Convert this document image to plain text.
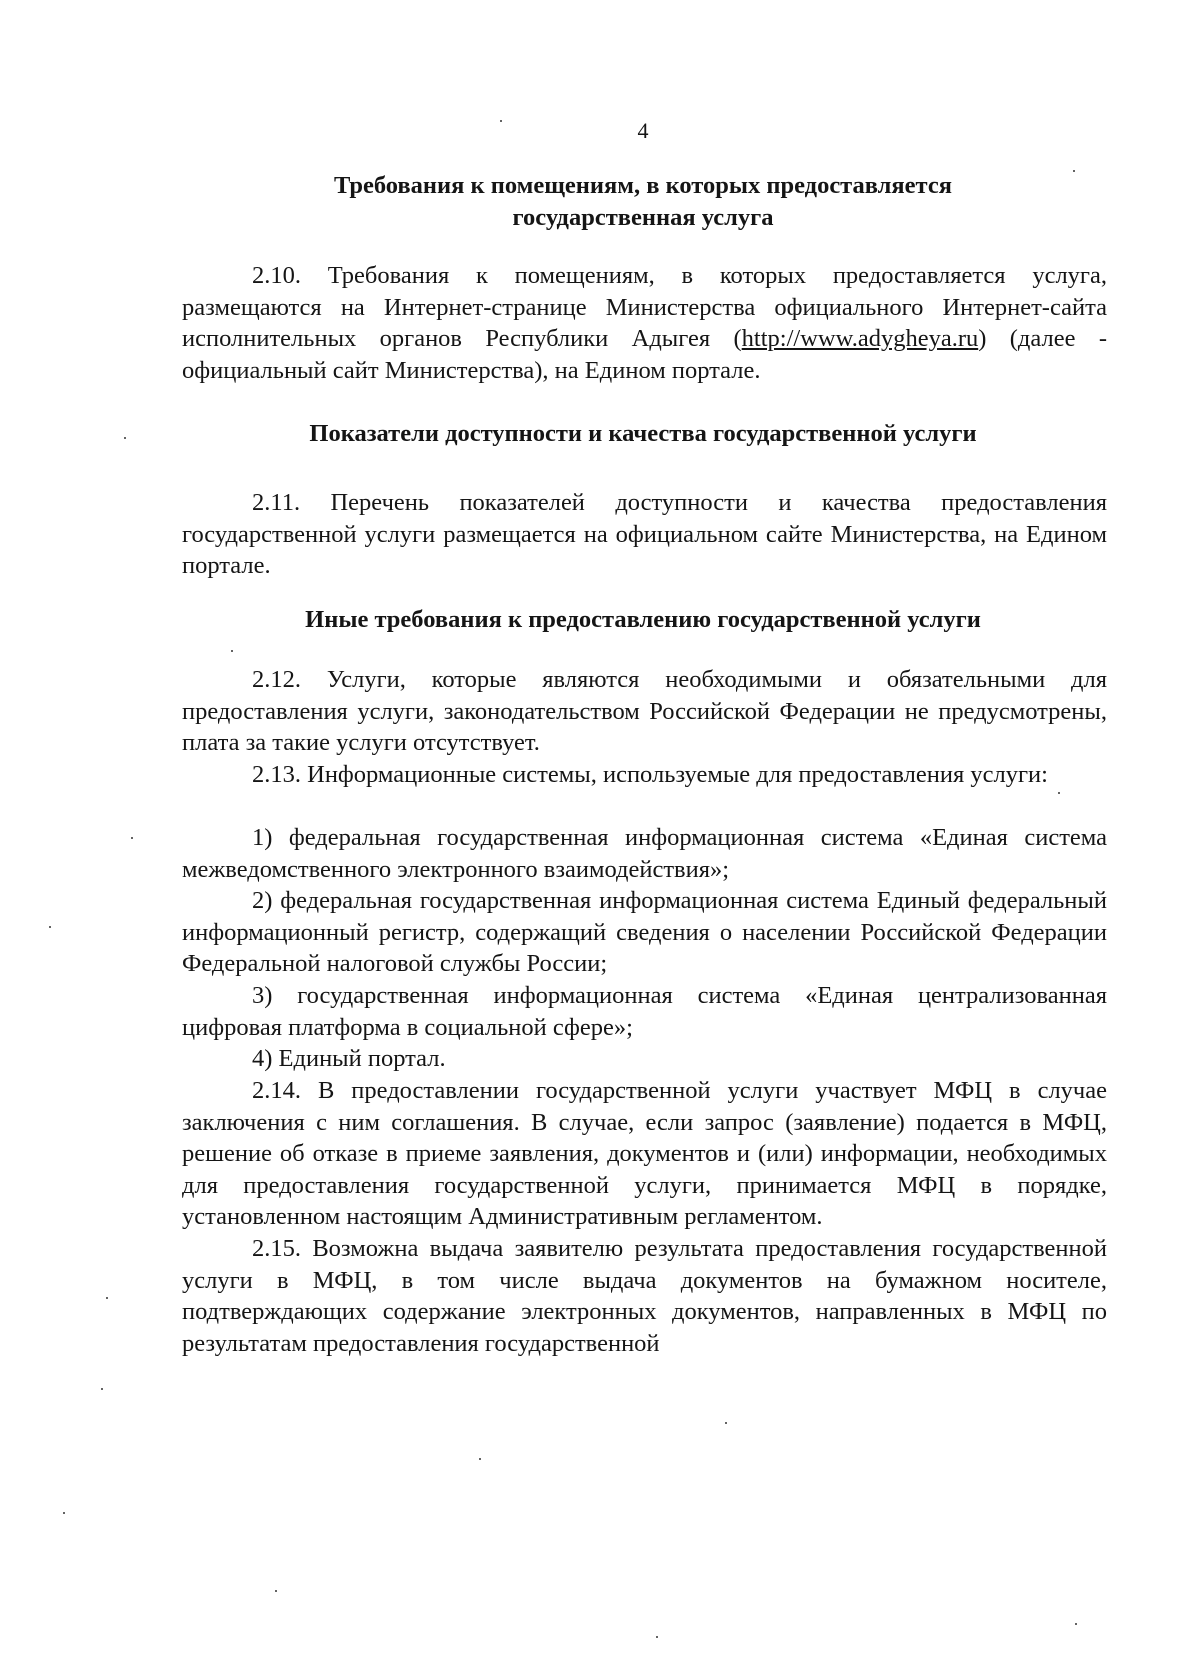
4
Требования к помещениям, в которых предоставляется
государственная услуга
2.10. Требования к помещениям, в которых предоставляется услуга, размещаются на Интернет-странице Министерства официального Интернет-сайта исполнительных органов Республики Адыгея (http://www.adygheya.ru) (далее - официальный сайт Министерства), на Едином портале.
Показатели доступности и качества государственной услуги
2.11. Перечень показателей доступности и качества предоставления государственной услуги размещается на официальном сайте Министерства, на Едином портале.
Иные требования к предоставлению государственной услуги
2.12. Услуги, которые являются необходимыми и обязательными для предоставления услуги, законодательством Российской Федерации не предусмотрены, плата за такие услуги отсутствует.
2.13. Информационные системы, используемые для предоставления услуги:
1) федеральная государственная информационная система «Единая система межведомственного электронного взаимодействия»;
2) федеральная государственная информационная система Единый федеральный информационный регистр, содержащий сведения о населении Российской Федерации Федеральной налоговой службы России;
3) государственная информационная система «Единая централизованная цифровая платформа в социальной сфере»;
4) Единый портал.
2.14. В предоставлении государственной услуги участвует МФЦ в случае заключения с ним соглашения. В случае, если запрос (заявление) подается в МФЦ, решение об отказе в приеме заявления, документов и (или) информации, необходимых для предоставления государственной услуги, принимается МФЦ в порядке, установленном настоящим Административным регламентом.
2.15. Возможна выдача заявителю результата предоставления государственной услуги в МФЦ, в том числе выдача документов на бумажном носителе, подтверждающих содержание электронных документов, направленных в МФЦ по результатам предоставления государственной
